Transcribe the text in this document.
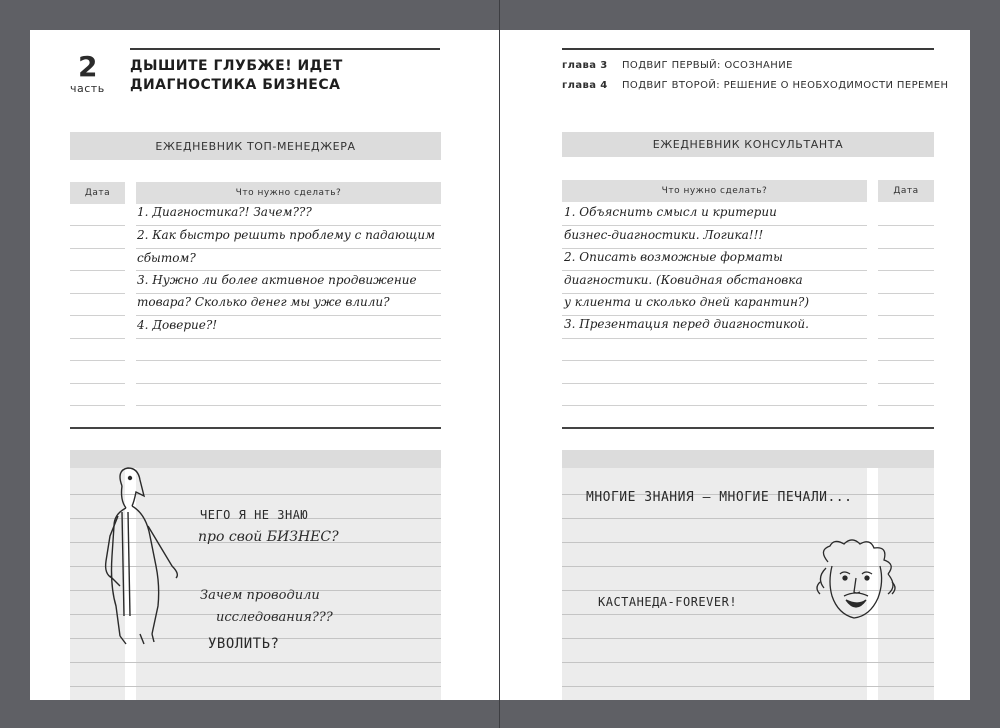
2
часть
ДЫШИТЕ ГЛУБЖЕ! ИДЕТ
ДИАГНОСТИКА БИЗНЕСА
ЕЖЕДНЕВНИК ТОП-МЕНЕДЖЕРА
Дата	Что нужно сделать?
1. Диагностика?! Зачем???
2. Как быстро решить проблему с падающим
сбытом?
3. Нужно ли более активное продвижение
товара? Сколько денег мы уже влили?
4. Доверие?!
ЧЕГО Я НЕ ЗНАЮ
про свой БИЗНЕС?
Зачем проводили
исследования???
УВОЛИТЬ?
глава 3	ПОДВИГ ПЕРВЫЙ: ОСОЗНАНИЕ
глава 4	ПОДВИГ ВТОРОЙ: РЕШЕНИЕ О НЕОБХОДИМОСТИ ПЕРЕМЕН
ЕЖЕДНЕВНИК КОНСУЛЬТАНТА
Что нужно сделать?	Дата
1. Объяснить смысл и критерии
бизнес-диагностики. Логика!!!
2. Описать возможные форматы
диагностики. (Ковидная обстановка
у клиента и сколько дней карантин?)
3. Презентация перед диагностикой.
МНОГИЕ ЗНАНИЯ — МНОГИЕ ПЕЧАЛИ...
КАСТАНЕДА-FOREVER!
